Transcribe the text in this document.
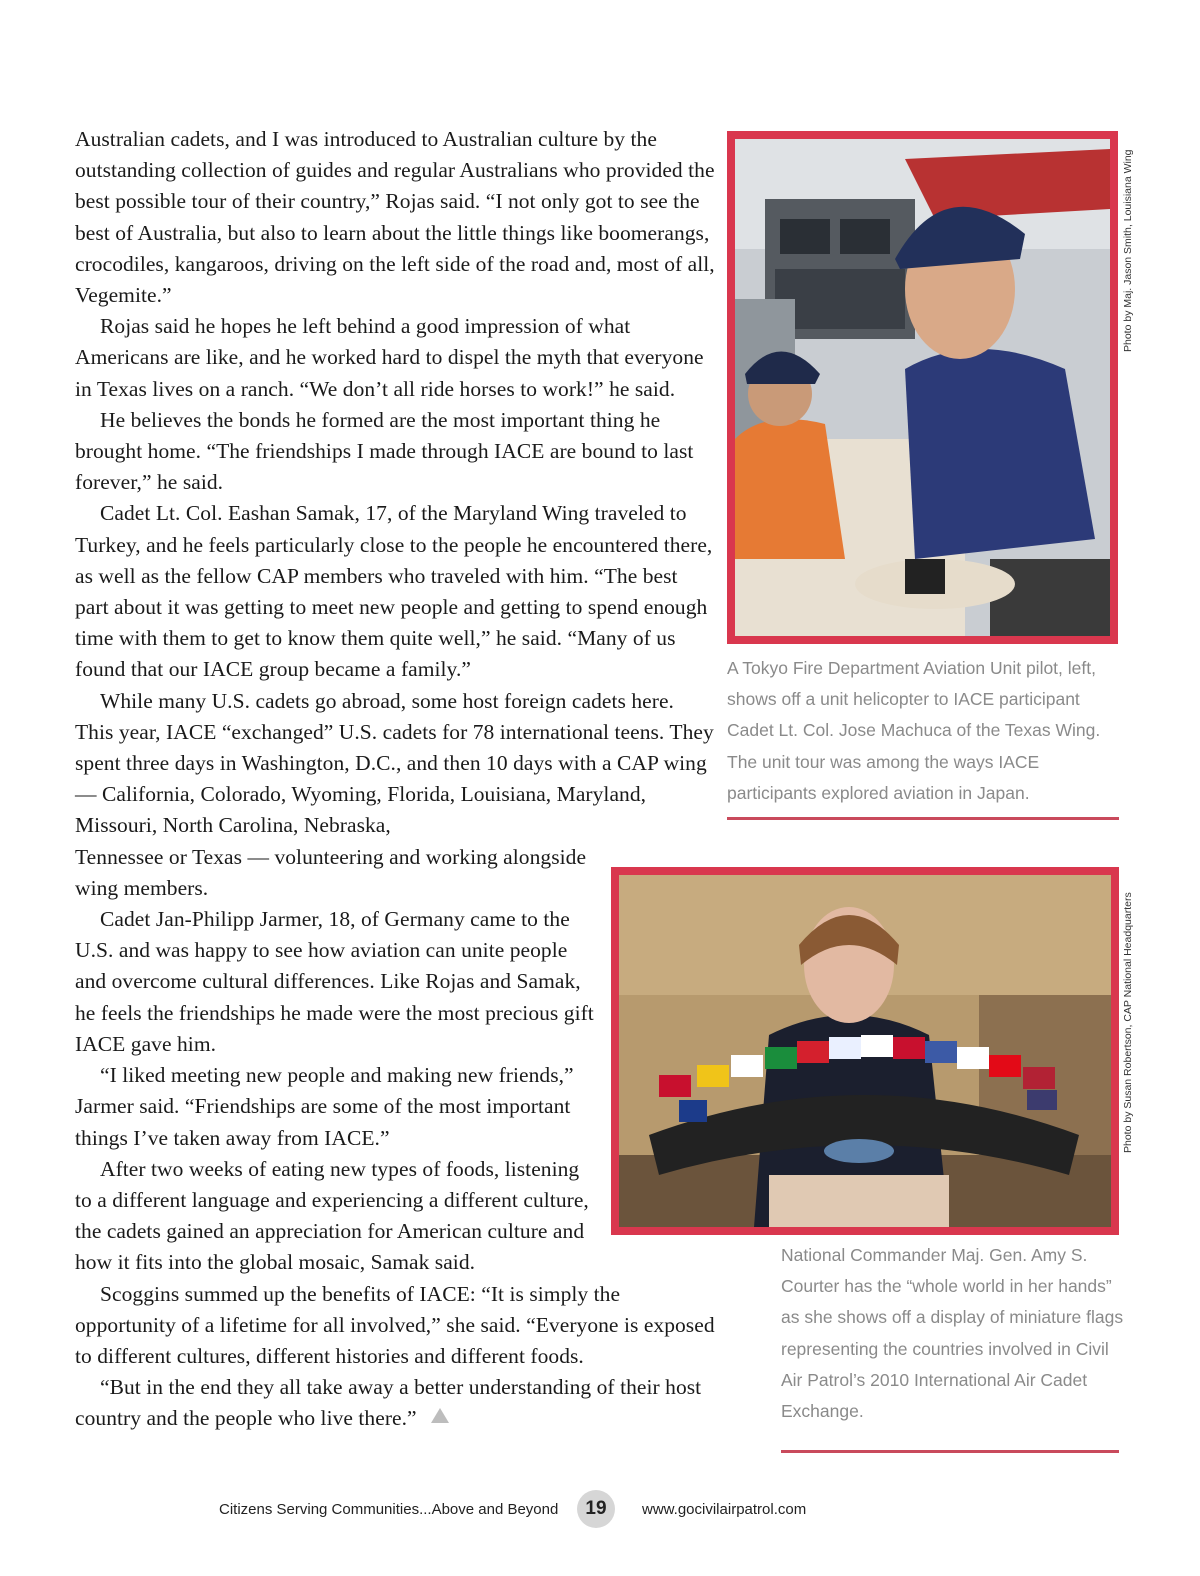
Australian cadets, and I was introduced to Australian culture by the outstanding collection of guides and regular Australians who provided the best possible tour of their country,” Rojas said. “I not only got to see the best of Australia, but also to learn about the little things like boomerangs, crocodiles, kangaroos, driving on the left side of the road and, most of all, Vegemite.”

Rojas said he hopes he left behind a good impression of what Americans are like, and he worked hard to dispel the myth that everyone in Texas lives on a ranch. “We don’t all ride horses to work!” he said.

He believes the bonds he formed are the most important thing he brought home. “The friendships I made through IACE are bound to last forever,” he said.

Cadet Lt. Col. Eashan Samak, 17, of the Maryland Wing traveled to Turkey, and he feels particularly close to the people he encountered there, as well as the fellow CAP members who traveled with him. “The best part about it was getting to meet new people and getting to spend enough time with them to get to know them quite well,” he said. “Many of us found that our IACE group became a family.”

While many U.S. cadets go abroad, some host foreign cadets here. This year, IACE “exchanged” U.S. cadets for 78 international teens. They spent three days in Washington, D.C., and then 10 days with a CAP wing — California, Colorado, Wyoming, Florida, Louisiana, Maryland, Missouri, North Carolina, Nebraska,

Tennessee or Texas — volunteering and working alongside wing members.

Cadet Jan-Philipp Jarmer, 18, of Germany came to the U.S. and was happy to see how aviation can unite people and overcome cultural differences. Like Rojas and Samak, he feels the friendships he made were the most precious gift IACE gave him.

“I liked meeting new people and making new friends,” Jarmer said. “Friendships are some of the most important things I’ve taken away from IACE.”

After two weeks of eating new types of foods, listening to a different language and experiencing a different culture, the cadets gained an appreciation for American culture and how it fits into the global mosaic, Samak said.

Scoggins summed up the benefits of IACE: “It is simply the opportunity of a lifetime for all involved,” she said. “Everyone is exposed to different cultures, different histories and different foods.

“But in the end they all take away a better understanding of their host country and the people who live there.”

Photo by Maj. Jason Smith, Louisiana Wing
A Tokyo Fire Department Aviation Unit pilot, left, shows off a unit helicopter to IACE participant Cadet Lt. Col. Jose Machuca of the Texas Wing. The unit tour was among the ways IACE participants explored aviation in Japan.
Photo by Susan Robertson, CAP National Headquarters
National Commander Maj. Gen. Amy S. Courter has the “whole world in her hands” as she shows off a display of miniature flags representing the countries involved in Civil Air Patrol’s 2010 International Air Cadet Exchange.
Citizens Serving Communities...Above and Beyond	19	www.gocivilairpatrol.com
